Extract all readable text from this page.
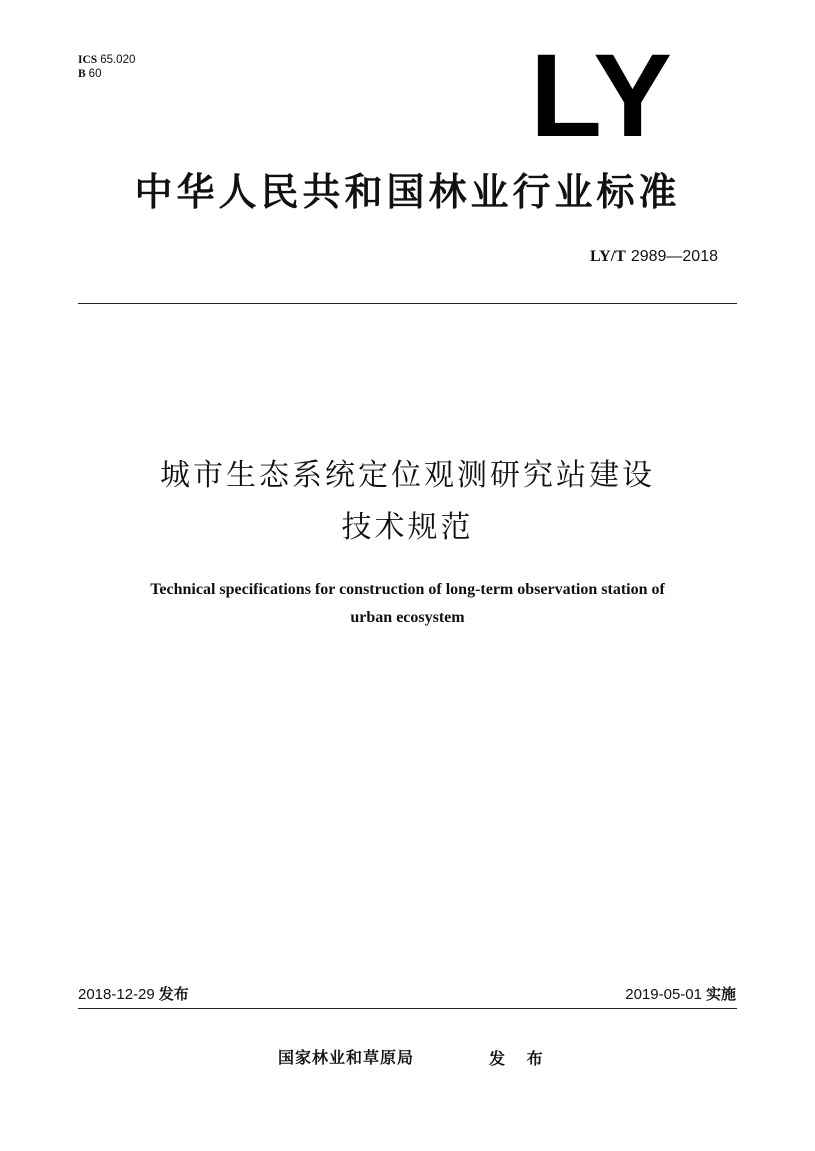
ICS 65.020
B 60	LY
中华人民共和国林业行业标准
LY/T 2989—2018
城市生态系统定位观测研究站建设
技术规范
Technical specifications for construction of long-term observation station of
urban ecosystem
2018-12-29 发布	2019-05-01 实施
国家林业和草原局	发 布
